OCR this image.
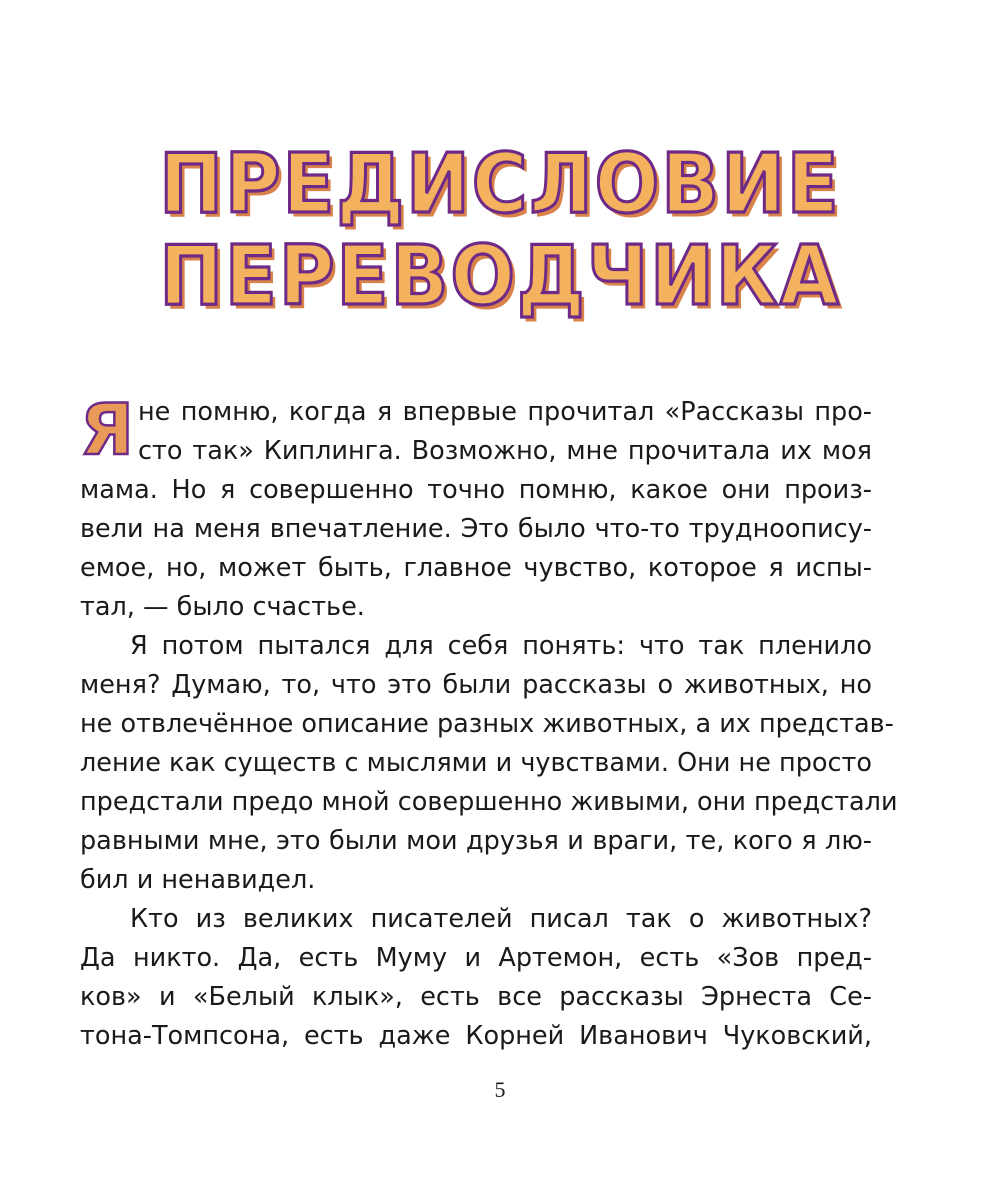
ПРЕДИСЛОВИЕ
ПЕРЕВОДЧИКА
Я не помню, когда я впервые прочитал «Рассказы про-
сто так» Киплинга. Возможно, мне прочитала их моя
мама. Но я совершенно точно помню, какое они произ-
вели на меня впечатление. Это было что-то трудноопису-
емое, но, может быть, главное чувство, которое я испы-
тал, — было счастье.
Я потом пытался для себя понять: что так пленило
меня? Думаю, то, что это были рассказы о животных, но
не отвлечённое описание разных животных, а их представ-
ление как существ с мыслями и чувствами. Они не просто
предстали предо мной совершенно живыми, они предстали
равными мне, это были мои друзья и враги, те, кого я лю-
бил и ненавидел.
Кто из великих писателей писал так о животных?
Да никто. Да, есть Муму и Артемон, есть «Зов пред-
ков» и «Белый клык», есть все рассказы Эрнеста Се-
тона-Томпсона, есть даже Корней Иванович Чуковский,
5
